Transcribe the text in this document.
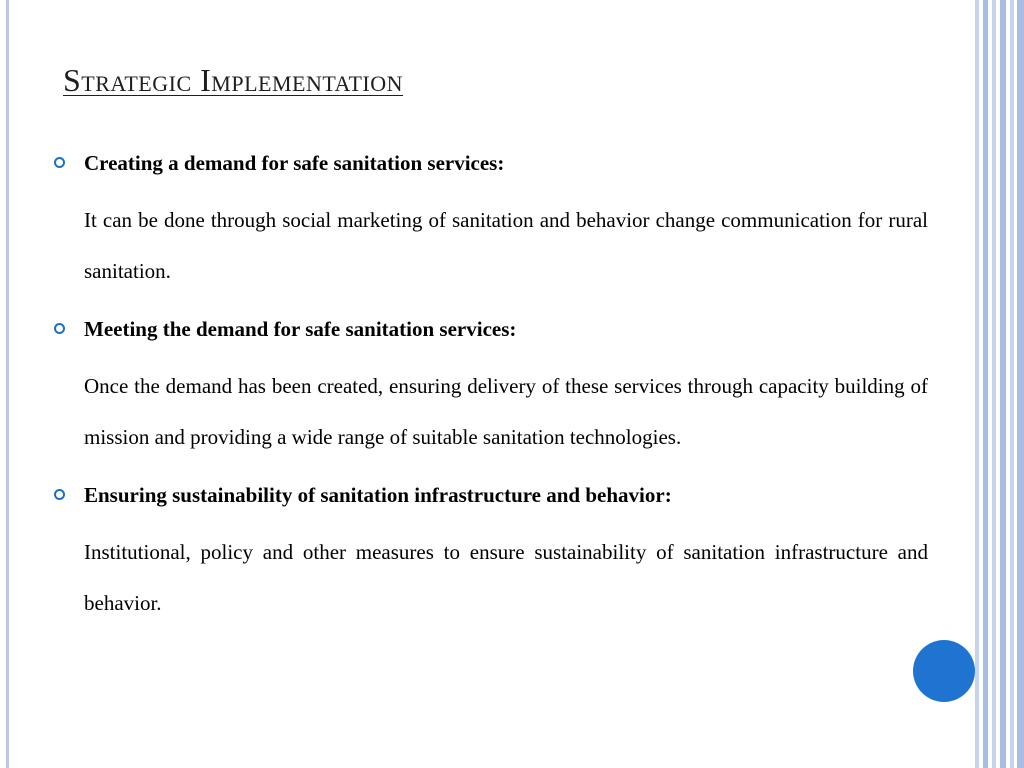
Strategic Implementation

Creating a demand for safe sanitation services:

It can be done through social marketing of sanitation and behavior change communication for rural sanitation.

Meeting the demand for safe sanitation services:

Once the demand has been created, ensuring delivery of these services through capacity building of mission and providing a wide range of suitable sanitation technologies.

Ensuring sustainability of sanitation infrastructure and behavior:

Institutional, policy and other measures to ensure sustainability of sanitation infrastructure and behavior.
